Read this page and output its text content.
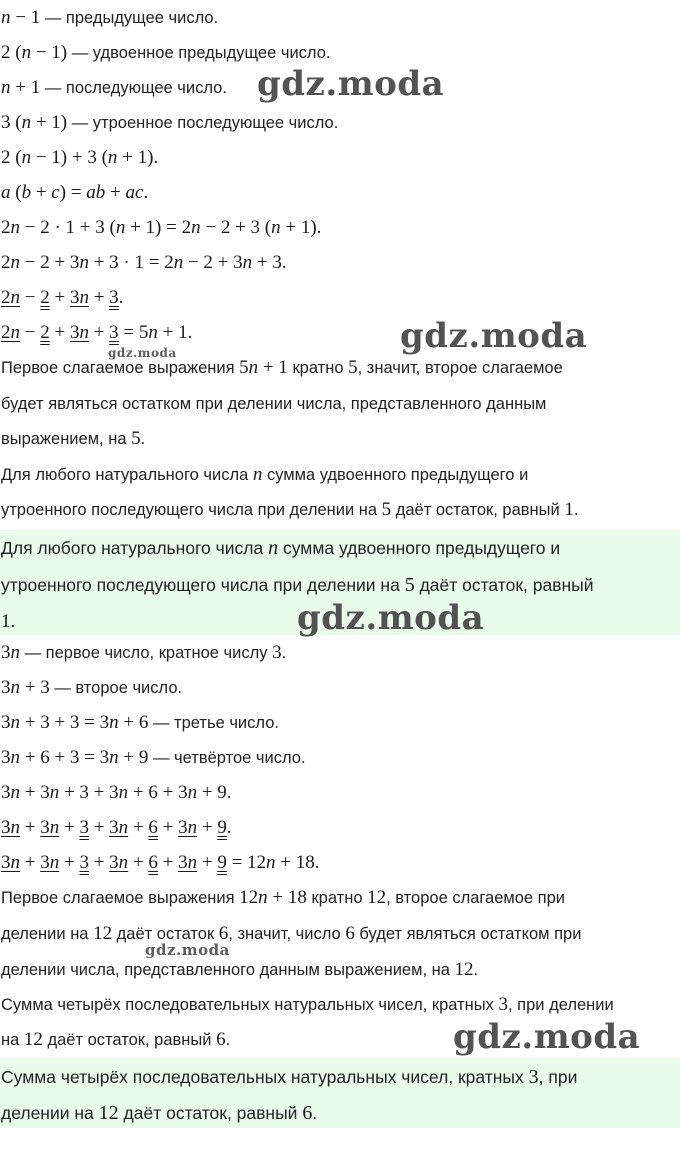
n − 1 — предыдущее число.
2 (n − 1) — удвоенное предыдущее число.
n + 1 — последующее число.
3 (n + 1) — утроенное последующее число.
2 (n − 1) + 3 (n + 1).
a (b + c) = ab + ac.
2n − 2 · 1 + 3 (n + 1) = 2n − 2 + 3 (n + 1).
2n − 2 + 3n + 3 · 1 = 2n − 2 + 3n + 3.
2n − 2 + 3n + 3.
2n − 2 + 3n + 3 = 5n + 1.
Первое слагаемое выражения 5n + 1 кратно 5, значит, второе слагаемое
будет являться остатком при делении числа, представленного данным
выражением, на 5.
Для любого натурального числа n сумма удвоенного предыдущего и
утроенного последующего числа при делении на 5 даёт остаток, равный 1.
Для любого натурального числа n сумма удвоенного предыдущего и
утроенного последующего числа при делении на 5 даёт остаток, равный
1.
3n — первое число, кратное числу 3.
3n + 3 — второе число.
3n + 3 + 3 = 3n + 6 — третье число.
3n + 6 + 3 = 3n + 9 — четвёртое число.
3n + 3n + 3 + 3n + 6 + 3n + 9.
3n + 3n + 3 + 3n + 6 + 3n + 9.
3n + 3n + 3 + 3n + 6 + 3n + 9 = 12n + 18.
Первое слагаемое выражения 12n + 18 кратно 12, второе слагаемое при
делении на 12 даёт остаток 6, значит, число 6 будет являться остатком при
делении числа, представленного данным выражением, на 12.
Сумма четырёх последовательных натуральных чисел, кратных 3, при делении
на 12 даёт остаток, равный 6.
Сумма четырёх последовательных натуральных чисел, кратных 3, при
делении на 12 даёт остаток, равный 6.
gdz.moda
gdz.moda
gdz.moda
gdz.moda
gdz.moda
gdz.moda
